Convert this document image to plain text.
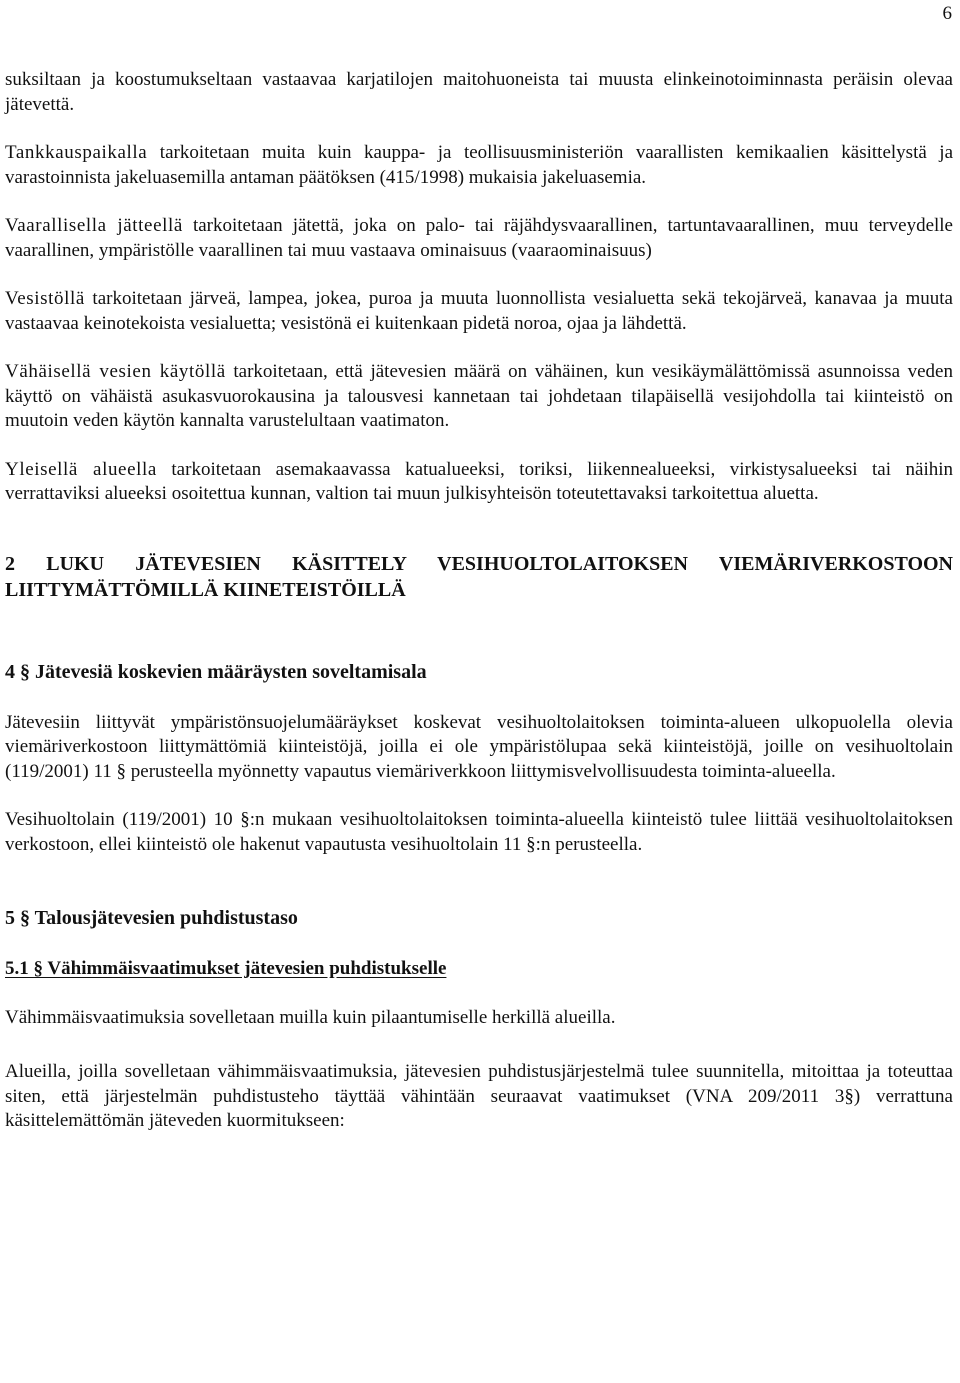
6

suksiltaan ja koostumukseltaan vastaavaa karjatilojen maitohuoneista tai muusta elinkeinotoiminnasta peräisin olevaa jätevettä.

Tankkauspaikalla tarkoitetaan muita kuin kauppa- ja teollisuusministeriön vaarallisten kemikaalien käsittelystä ja varastoinnista jakeluasemilla antaman päätöksen (415/1998) mukaisia jakeluasemia.

Vaarallisella jätteellä tarkoitetaan jätettä, joka on palo- tai räjähdysvaarallinen, tartuntavaarallinen, muu terveydelle vaarallinen, ympäristölle vaarallinen tai muu vastaava ominaisuus (vaaraominaisuus)

Vesistöllä tarkoitetaan järveä, lampea, jokea, puroa ja muuta luonnollista vesialuetta sekä tekojärveä, kanavaa ja muuta vastaavaa keinotekoista vesialuetta; vesistönä ei kuitenkaan pidetä noroa, ojaa ja lähdettä.

Vähäisellä vesien käytöllä tarkoitetaan, että jätevesien määrä on vähäinen, kun vesikäymälättömissä asunnoissa veden käyttö on vähäistä asukasvuorokausina ja talousvesi kannetaan tai johdetaan tilapäisellä vesijohdolla tai kiinteistö on muutoin veden käytön kannalta varustelultaan vaatimaton.

Yleisellä alueella tarkoitetaan asemakaavassa katualueeksi, toriksi, liikennealueeksi, virkistysalueeksi tai näihin verrattaviksi alueeksi osoitettua kunnan, valtion tai muun julkisyhteisön toteutettavaksi tarkoitettua aluetta.

2 LUKU JÄTEVESIEN KÄSITTELY VESIHUOLTOLAITOKSEN VIEMÄRIVERKOSTOON LIITTYMÄTTÖMILLÄ KIINETEISTÖILLÄ
4 § Jätevesiä koskevien määräysten soveltamisala

Jätevesiin liittyvät ympäristönsuojelumääräykset koskevat vesihuoltolaitoksen toiminta-alueen ulkopuolella olevia viemäriverkostoon liittymättömiä kiinteistöjä, joilla ei ole ympäristölupaa sekä kiinteistöjä, joille on vesihuoltolain (119/2001) 11 § perusteella myönnetty vapautus viemäriverkkoon liittymisvelvollisuudesta toiminta-alueella.

Vesihuoltolain (119/2001) 10 §:n mukaan vesihuoltolaitoksen toiminta-alueella kiinteistö tulee liittää vesihuoltolaitoksen verkostoon, ellei kiinteistö ole hakenut vapautusta vesihuoltolain 11 §:n perusteella.

5 § Talousjätevesien puhdistustaso
5.1 § Vähimmäisvaatimukset jätevesien puhdistukselle

Vähimmäisvaatimuksia sovelletaan muilla kuin pilaantumiselle herkillä alueilla.

Alueilla, joilla sovelletaan vähimmäisvaatimuksia, jätevesien puhdistusjärjestelmä tulee suunnitella, mitoittaa ja toteuttaa siten, että järjestelmän puhdistusteho täyttää vähintään seuraavat vaatimukset (VNA 209/2011 3§) verrattuna käsittelemättömän jäteveden kuormitukseen:
